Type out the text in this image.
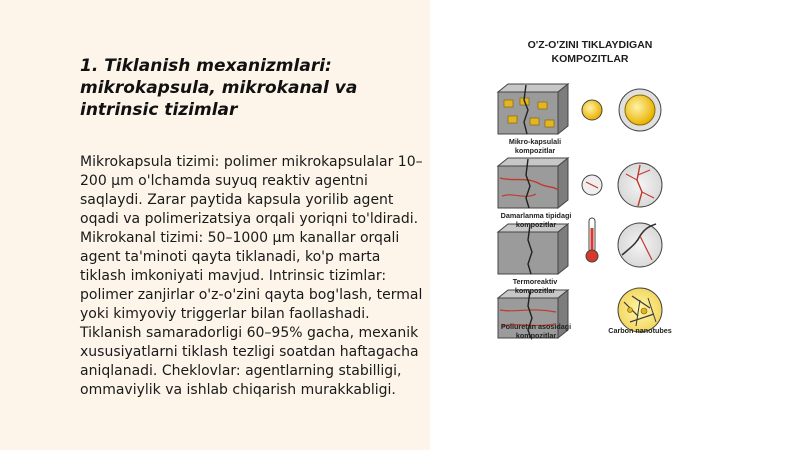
1. Tiklanish mexanizmlari: mikrokapsula, mikrokanal va intrinsic tizimlar

Mikrokapsula tizimi: polimer mikrokapsulalar 10–200 μm o'lchamda suyuq reaktiv agentni saqlaydi. Zarar paytida kapsula yorilib agent oqadi va polimerizatsiya orqali yoriqni to'ldiradi. Mikrokanal tizimi: 50–1000 μm kanallar orqali agent ta'minoti qayta tiklanadi, ko'p marta tiklash imkoniyati mavjud. Intrinsic tizimlar: polimer zanjirlar o'z-o'zini qayta bog'lash, termal yoki kimyoviy triggerlar bilan faollashadi. Tiklanish samaradorligi 60–95% gacha, mexanik xususiyatlarni tiklash tezligi soatdan haftagacha aniqlanadi. Cheklovlar: agentlarning stabilligi, ommaviylik va ishlab chiqarish murakkabligi.

O'Z-O'ZINI TIKLAYDIGAN
KOMPOZITLAR
Mikro-kapsulali
kompozitlar
Damarlanma tipidagi
kompozitlar
Termoreaktiv
kompozitlar
Poliuretan asosidagi
kompozitlar
Carbon nanotubes
